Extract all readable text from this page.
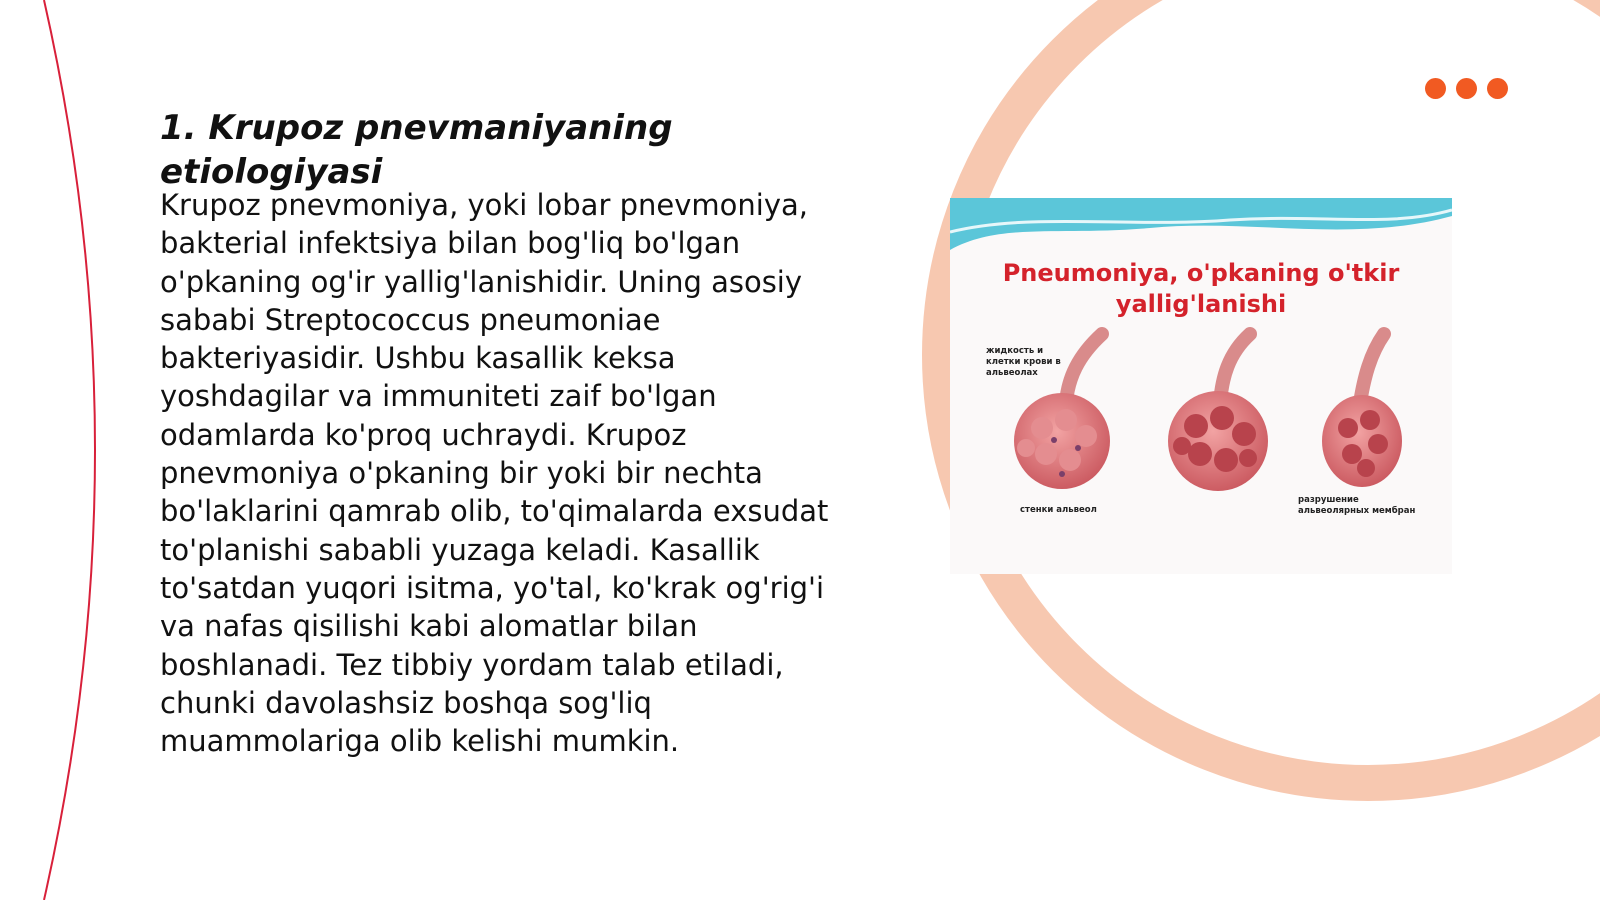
1. Krupoz pnevmaniyaning etiologiyasi

Krupoz pnevmoniya, yoki lobar pnevmoniya, bakterial infektsiya bilan bog'liq bo'lgan o'pkaning og'ir yallig'lanishidir. Uning asosiy sababi Streptococcus pneumoniae bakteriyasidir. Ushbu kasallik keksa yoshdagilar va immuniteti zaif bo'lgan odamlarda ko'proq uchraydi. Krupoz pnevmoniya o'pkaning bir yoki bir nechta bo'laklarini qamrab olib, to'qimalarda exsudat to'planishi sababli yuzaga keladi. Kasallik to'satdan yuqori isitma, yo'tal, ko'krak og'rig'i va nafas qisilishi kabi alomatlar bilan boshlanadi. Tez tibbiy yordam talab etiladi, chunki davolashsiz boshqa sog'liq muammolariga olib kelishi mumkin.

Pneumoniya, o'pkaning o'tkir
yallig'lanishi

жидкость и клетки крови в альвеолах
стенки альвеол
разрушение альвеолярных мембран
